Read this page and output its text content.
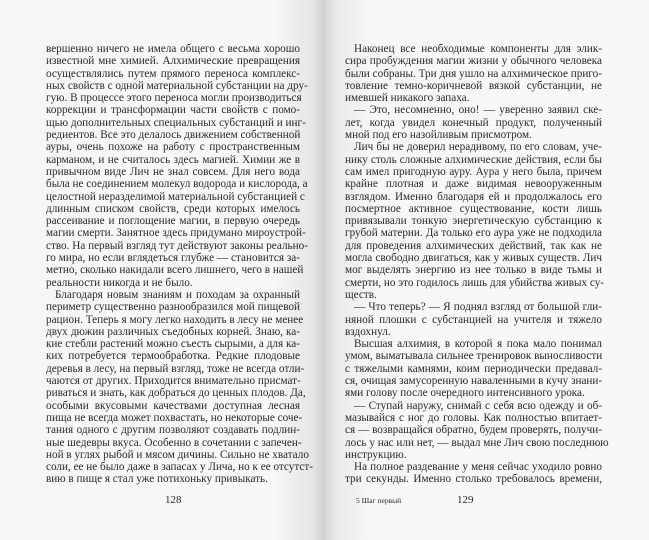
вершенно ничего не имела общего с весьма хорошо
известной мне химией. Алхимические превращения
осуществлялись путем прямого переноса комплекс-
ных свойств с одной материальной субстанции на дру-
гую. В процессе этого переноса могли производиться
коррекции и трансформации части свойств с помо-
щью дополнительных специальных субстанций и инг-
редиентов. Все это делалось движением собственной
ауры, очень похоже на работу с пространственным
карманом, и не считалось здесь магией. Химии же в
привычном виде Лич не знал совсем. Для него вода
была не соединением молекул водорода и кислорода, а
целостной неразделимой материальной субстанцией с
длинным списком свойств, среди которых имелось
рассеивание и поглощение магии, в первую очередь
магии смерти. Занятное здесь придумано мироустрой-
ство. На первый взгляд тут действуют законы реально-
го мира, но если вглядеться глубже — становится за-
метно, сколько накидали всего лишнего, чего в нашей
реальности никогда и не было.
Благодаря новым знаниям и походам за охранный
периметр существенно разнообразился мой пищевой
рацион. Теперь я могу легко находить в лесу не менее
двух дюжин различных съедобных корней. Знаю, ка-
кие стебли растений можно съесть сырыми, а для ка-
ких потребуется термообработка. Редкие плодовые
деревья в лесу, на первый взгляд, тоже не всегда отли-
чаются от других. Приходится внимательно присмат-
риваться и знать, как добраться до ценных плодов. Да,
особыми вкусовыми качествами доступная лесная
пища не всегда может похвастать, но некоторые соче-
тания одного с другим позволяют создавать подлин-
ные шедевры вкуса. Особенно в сочетании с запечен-
ной в углях рыбой и мясом дичины. Сильно не хватало
соли, ее не было даже в запасах у Лича, но к ее отсутст-
вию в пище я стал уже потихоньку привыкать.
128
Наконец все необходимые компоненты для элик-
сира пробуждения магии жизни у обычного человека
были собраны. Три дня ушло на алхимическое приго-
товление темно-коричневой вязкой субстанции, не
имевшей никакого запаха.
— Это, несомненно, оно! — уверенно заявил ске-
лет, когда увидел конечный продукт, полученный
мной под его назойливым присмотром.
Лич бы не доверил нерадивому, по его словам, уче-
нику столь сложные алхимические действия, если бы
сам имел пригодную ауру. Аура у него была, причем
крайне плотная и даже видимая невооруженным
взглядом. Именно благодаря ей и продолжалось его
посмертное активное существование, кости лишь
привязывали тонкую энергетическую субстанцию к
грубой материи. Да только его аура уже не подходила
для проведения алхимических действий, так как не
могла свободно двигаться, как у живых существ. Лич
мог выделять энергию из нее только в виде тьмы и
смерти, но это годилось лишь для убийства живых су-
ществ.
— Что теперь? — Я поднял взгляд от большой гли-
няной плошки с субстанцией на учителя и тяжело
вздохнул.
Высшая алхимия, в которой я пока мало понимал
умом, выматывала сильнее тренировок выносливости
с тяжелыми камнями, коим периодически предавал-
ся, очищая замусоренную наваленными в кучу знани-
ями голову после очередного интенсивного урока.
— Ступай наружу, снимай с себя всю одежду и об-
мазывайся с ног до головы. Как полностью впитает-
ся — возвращайся обратно, будем проверять, получи-
лось у нас или нет, — выдал мне Лич свою последнюю
инструкцию.
На полное раздевание у меня сейчас уходило ровно
три секунды. Именно столько требовалось времени,
5 Шаг первый	129
